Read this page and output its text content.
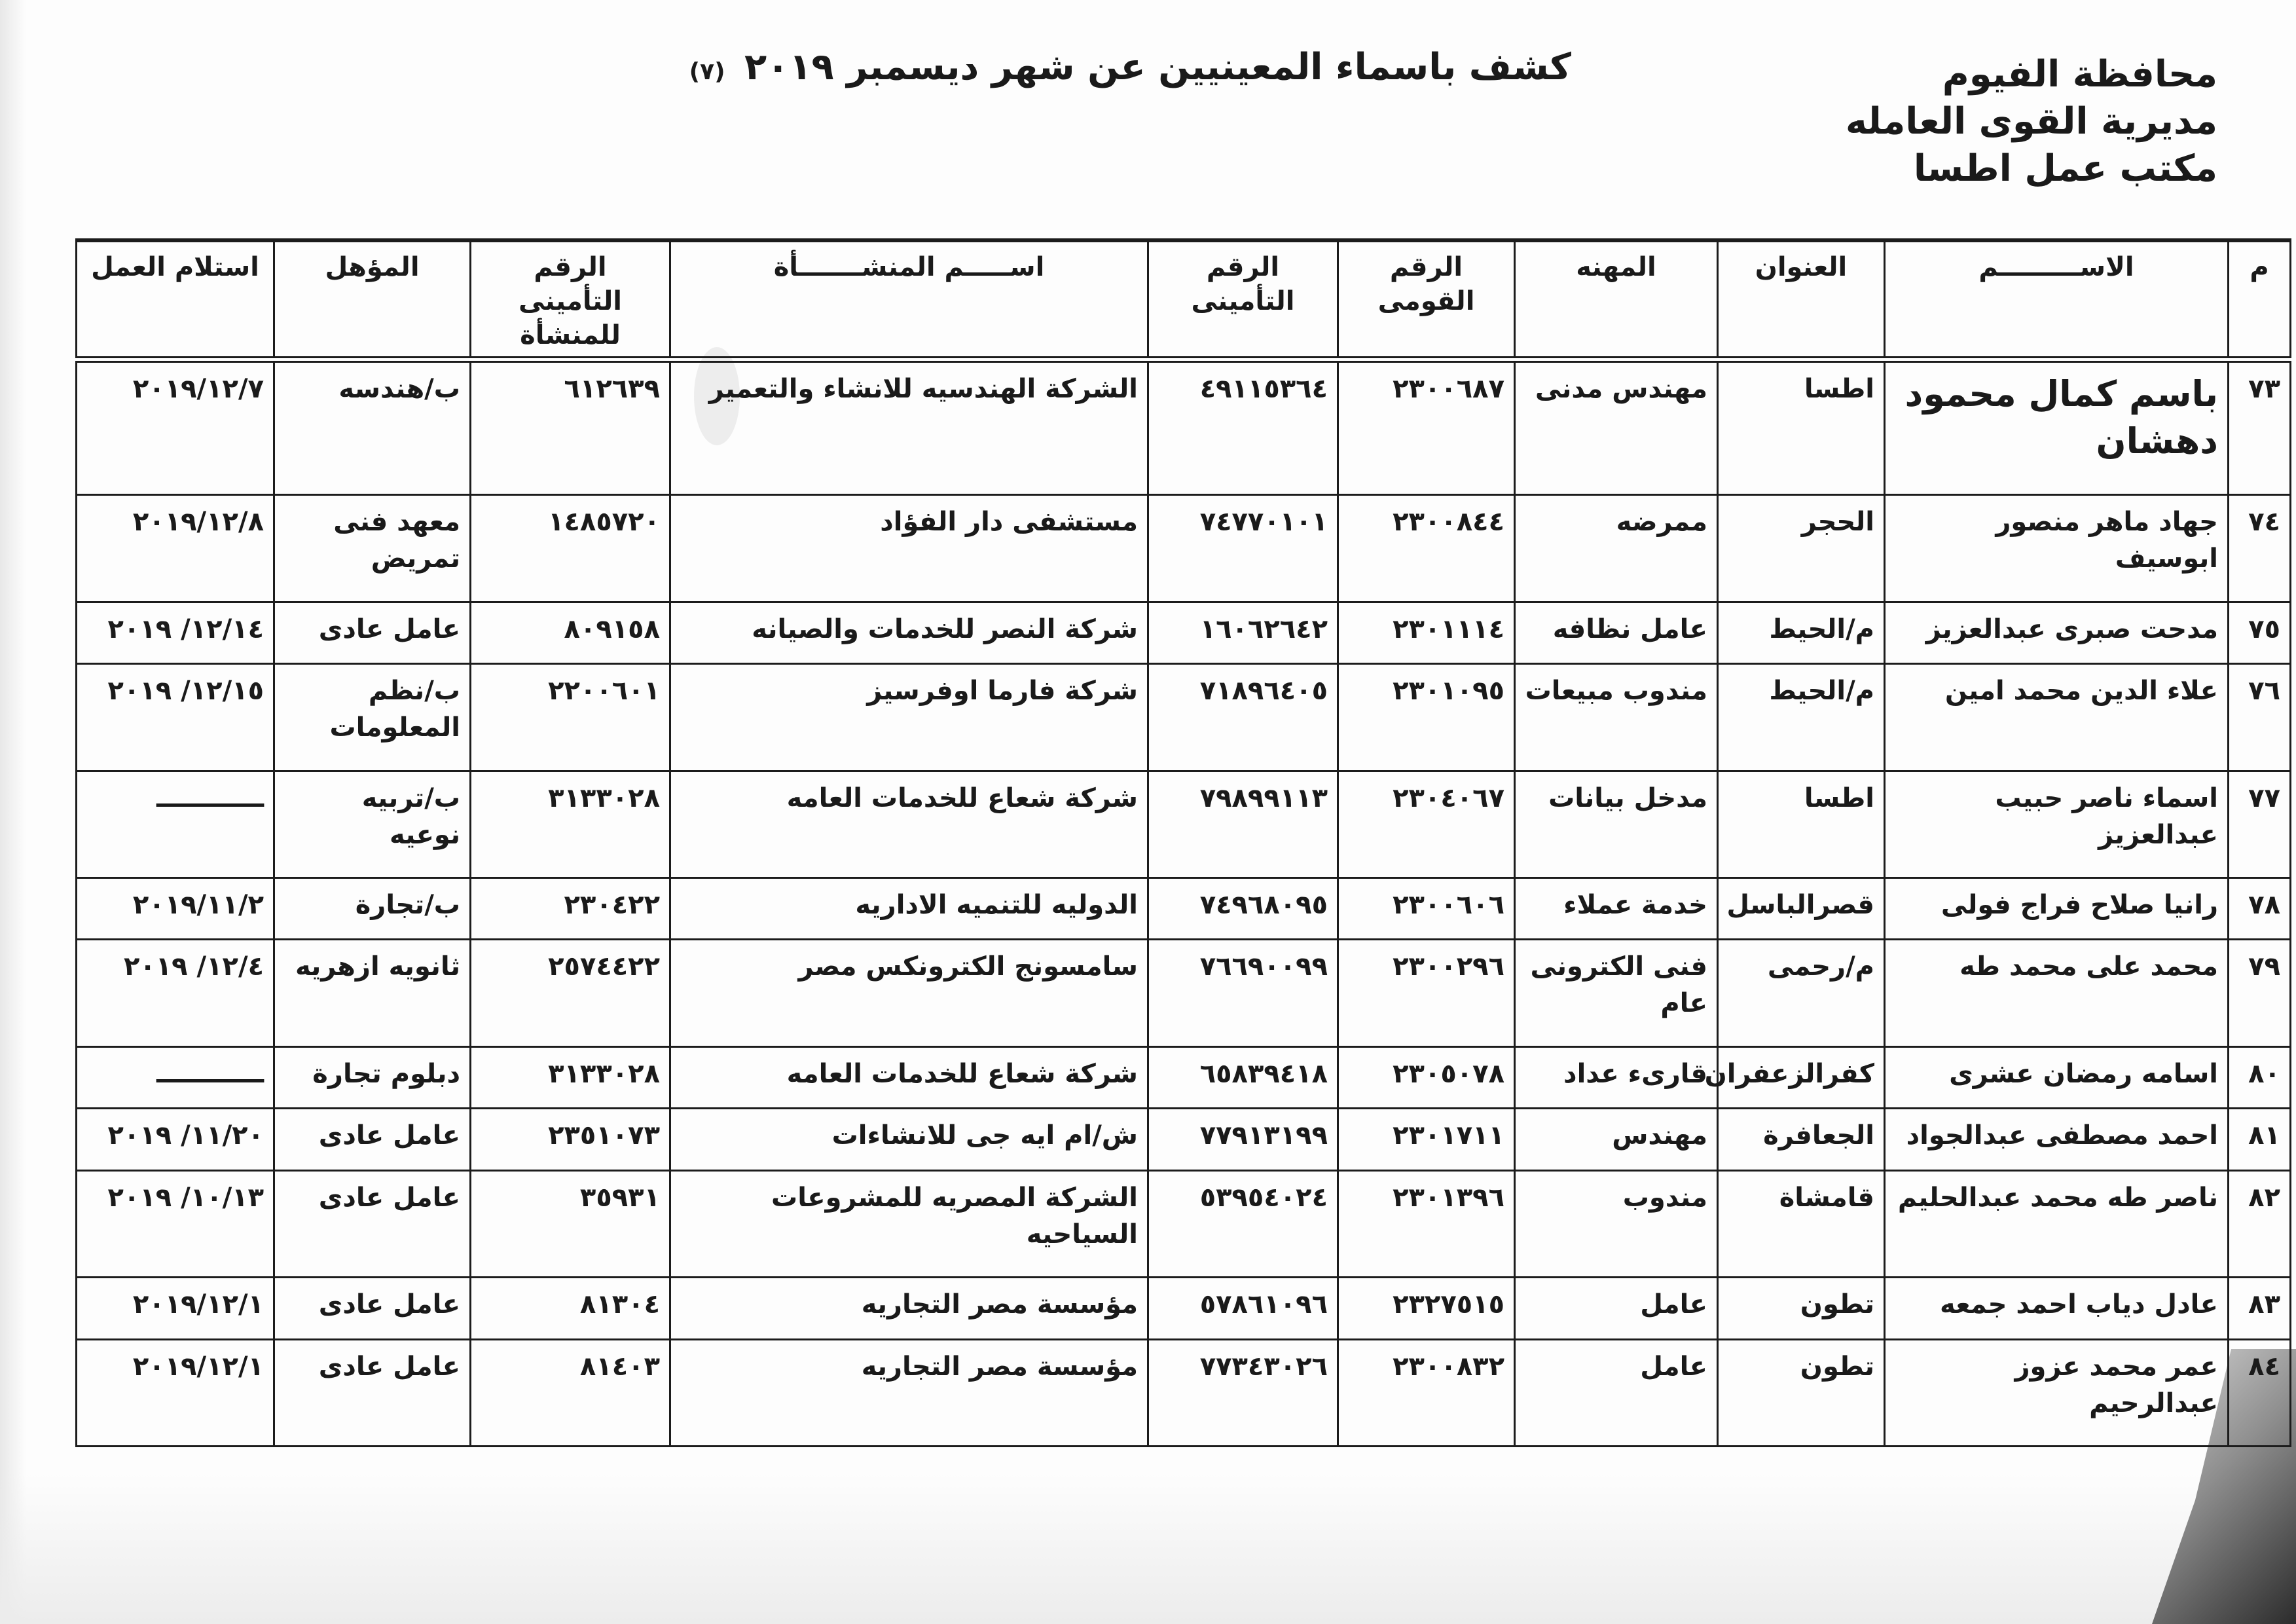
محافظة الفيوم
مديرية القوى العامله
مكتب عمل اطسا
كشف باسماء المعينيين عن شهر ديسمبر ٢٠١٩ (٧)
م	الاســـــــــم	العنوان	المهنه	الرقم القومى	الرقم التأمينى	اســـــم المنشـــــــأة	الرقم التأمينى للمنشأة	المؤهل	استلام العمل
٧٣	باسم كمال محمود دهشان	اطسا	مهندس مدنى	٢٣٠٠٦٨٧	٤٩١١٥٣٦٤	الشركة الهندسيه للانشاء والتعمير	٦١٢٦٣٩	ب/هندسه	٢٠١٩/١٢/٧
٧٤	جهاد ماهر منصور ابوسيف	الحجر	ممرضه	٢٣٠٠٨٤٤	٧٤٧٧٠١٠١	مستشفى دار الفؤاد	١٤٨٥٧٢٠	معهد فنى تمريض	٢٠١٩/١٢/٨
٧٥	مدحت صبرى عبدالعزيز	م/الحيط	عامل نظافه	٢٣٠١١١٤	١٦٠٦٢٦٤٢	شركة النصر للخدمات والصيانه	٨٠٩١٥٨	عامل عادى	١٢/١٤/ ٢٠١٩
٧٦	علاء الدين محمد امين	م/الحيط	مندوب مبيعات	٢٣٠١٠٩٥	٧١٨٩٦٤٠٥	شركة فارما اوفرسيز	٢٢٠٠٦٠١	ب/نظم المعلومات	١٢/١٥/ ٢٠١٩
٧٧	اسماء ناصر حبيب عبدالعزيز	اطسا	مدخل بيانات	٢٣٠٤٠٦٧	٧٩٨٩٩١١٣	شركة شعاع للخدمات العامه	٣١٣٣٠٢٨	ب/تربيه نوعيه	ــــــــــــ
٧٨	رانيا صلاح فراج فولى	قصرالباسل	خدمة عملاء	٢٣٠٠٦٠٦	٧٤٩٦٨٠٩٥	الدوليه للتنميه الاداريه	٢٣٠٤٢٢	ب/تجارة	٢٠١٩/١١/٢
٧٩	محمد على محمد طه	م/رحمى	فنى الكترونى عام	٢٣٠٠٢٩٦	٧٦٦٩٠٠٩٩	سامسونج الكترونكس مصر	٢٥٧٤٤٢٢	ثانويه ازهريه	١٢/٤/ ٢٠١٩
٨٠	اسامه رمضان عشرى	كفرالزعفران	قارىء عداد	٢٣٠٥٠٧٨	٦٥٨٣٩٤١٨	شركة شعاع للخدمات العامه	٣١٣٣٠٢٨	دبلوم تجارة	ــــــــــــ
٨١	احمد مصطفى عبدالجواد	الجعافرة	مهندس	٢٣٠١٧١١	٧٧٩١٣١٩٩	ش/ام ايه جى للانشاءات	٢٣٥١٠٧٣	عامل عادى	١١/٢٠/ ٢٠١٩
٨٢	ناصر طه محمد عبدالحليم	قامشاة	مندوب	٢٣٠١٣٩٦	٥٣٩٥٤٠٢٤	الشركة المصريه للمشروعات السياحيه	٣٥٩٣١	عامل عادى	١٠/١٣/ ٢٠١٩
٨٣	عادل دياب احمد جمعه	تطون	عامل	٢٣٢٧٥١٥	٥٧٨٦١٠٩٦	مؤسسة مصر التجاريه	٨١٣٠٤	عامل عادى	٢٠١٩/١٢/١
٨٤	عمر محمد عزوز عبدالرحيم	تطون	عامل	٢٣٠٠٨٣٢	٧٧٣٤٣٠٢٦	مؤسسة مصر التجاريه	٨١٤٠٣	عامل عادى	٢٠١٩/١٢/١
